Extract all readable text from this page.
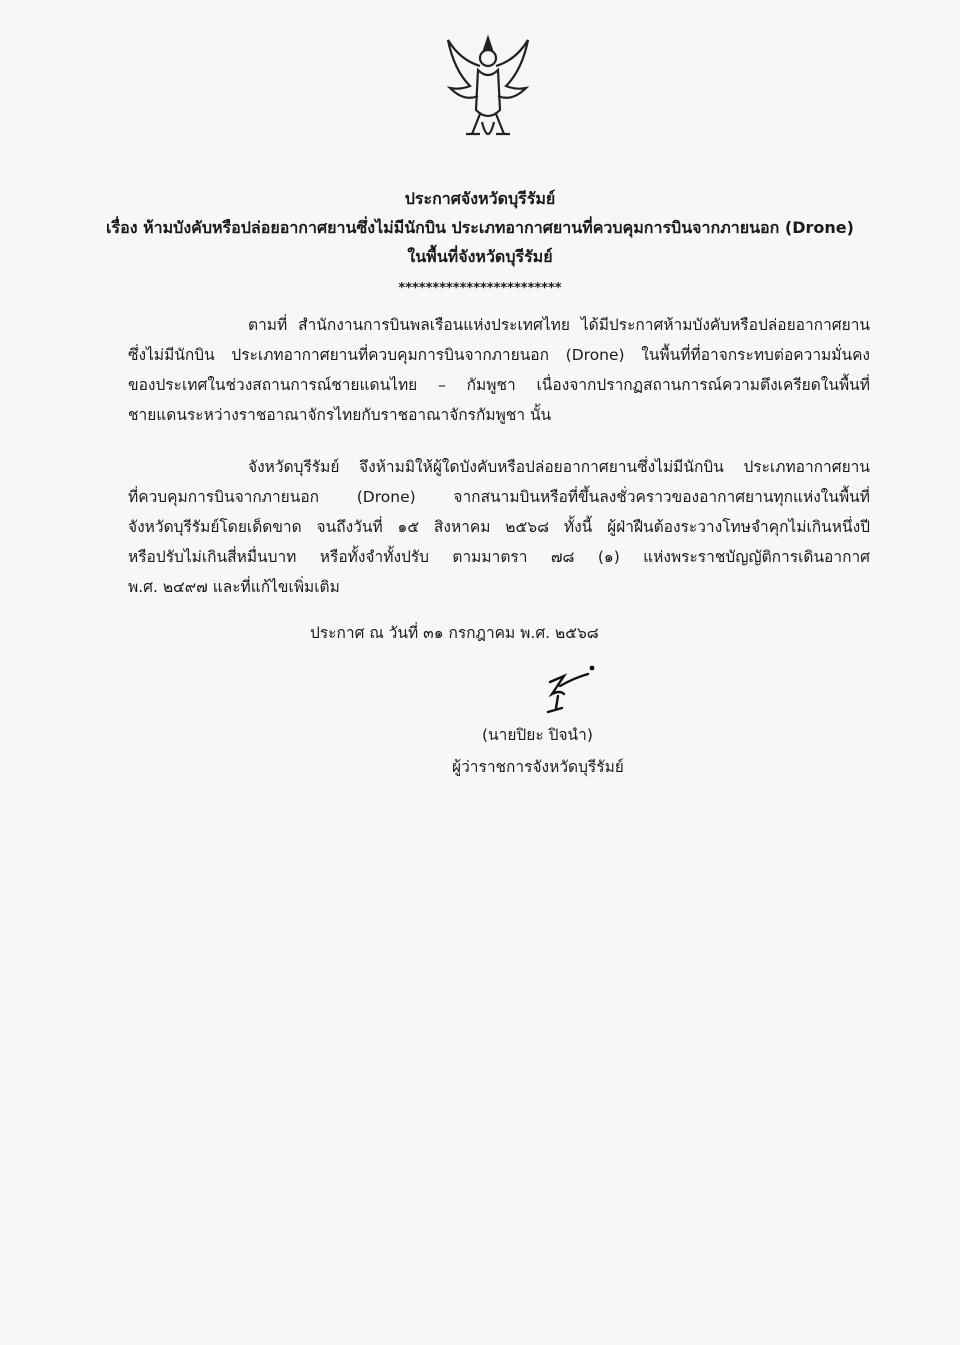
ประกาศจังหวัดบุรีรัมย์
เรื่อง ห้ามบังคับหรือปล่อยอากาศยานซึ่งไม่มีนักบิน ประเภทอากาศยานที่ควบคุมการบินจากภายนอก (Drone)
ในพื้นที่จังหวัดบุรีรัมย์
************************
ตามที่ สำนักงานการบินพลเรือนแห่งประเทศไทย ได้มีประกาศห้ามบังคับหรือปล่อยอากาศยาน
ซึ่งไม่มีนักบิน ประเภทอากาศยานที่ควบคุมการบินจากภายนอก (Drone) ในพื้นที่ที่อาจกระทบต่อความมั่นคง
ของประเทศในช่วงสถานการณ์ชายแดนไทย – กัมพูชา เนื่องจากปรากฏสถานการณ์ความตึงเครียดในพื้นที่
ชายแดนระหว่างราชอาณาจักรไทยกับราชอาณาจักรกัมพูชา นั้น
จังหวัดบุรีรัมย์ จึงห้ามมิให้ผู้ใดบังคับหรือปล่อยอากาศยานซึ่งไม่มีนักบิน ประเภทอากาศยาน
ที่ควบคุมการบินจากภายนอก (Drone) จากสนามบินหรือที่ขึ้นลงชั่วคราวของอากาศยานทุกแห่งในพื้นที่
จังหวัดบุรีรัมย์โดยเด็ดขาด จนถึงวันที่ ๑๕ สิงหาคม ๒๕๖๘ ทั้งนี้ ผู้ฝ่าฝืนต้องระวางโทษจำคุกไม่เกินหนึ่งปี
หรือปรับไม่เกินสี่หมื่นบาท หรือทั้งจำทั้งปรับ ตามมาตรา ๗๘ (๑) แห่งพระราชบัญญัติการเดินอากาศ
พ.ศ. ๒๔๙๗ และที่แก้ไขเพิ่มเติม
ประกาศ ณ วันที่ ๓๑ กรกฎาคม พ.ศ. ๒๕๖๘
(นายปิยะ ปิจนำ)
ผู้ว่าราชการจังหวัดบุรีรัมย์
